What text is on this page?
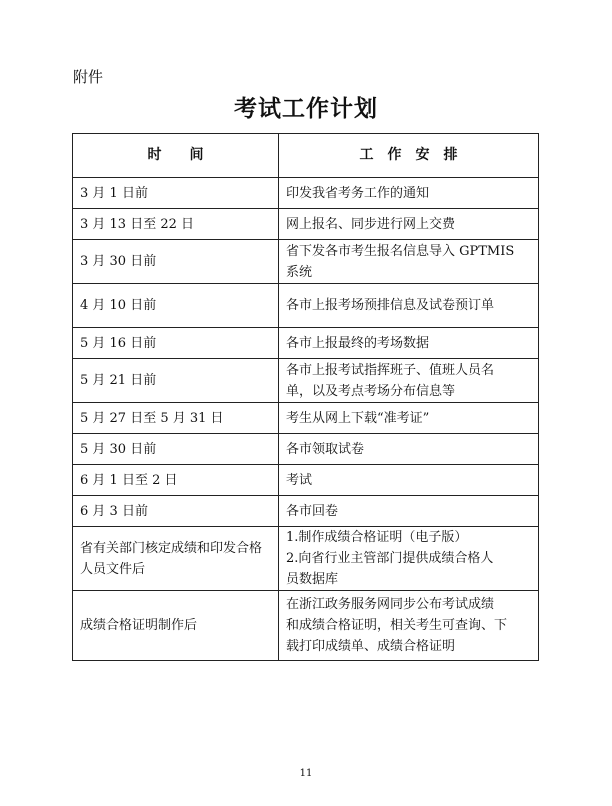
附件
考试工作计划
时　　间	工　作　安　排
3 月 1 日前	印发我省考务工作的通知

3 月 13 日至 22 日	网上报名、同步进行网上交费

3 月 30 日前	省下发各市考生报名信息导入 GPTMIS
系统

4 月 10 日前	各市上报考场预排信息及试卷预订单

5 月 16 日前	各市上报最终的考场数据

5 月 21 日前	各市上报考试指挥班子、值班人员名
单，以及考点考场分布信息等

5 月 27 日至 5 月 31 日	考生从网上下载“准考证”

5 月 30 日前	各市领取试卷

6 月 1 日至 2 日	考试

6 月 3 日前	各市回卷

省有关部门核定成绩和印发合格人员文件后	1.制作成绩合格证明（电子版）
2.向省行业主管部门提供成绩合格人
员数据库

成绩合格证明制作后	在浙江政务服务网同步公布考试成绩
和成绩合格证明，相关考生可查询、下
载打印成绩单、成绩合格证明
11
